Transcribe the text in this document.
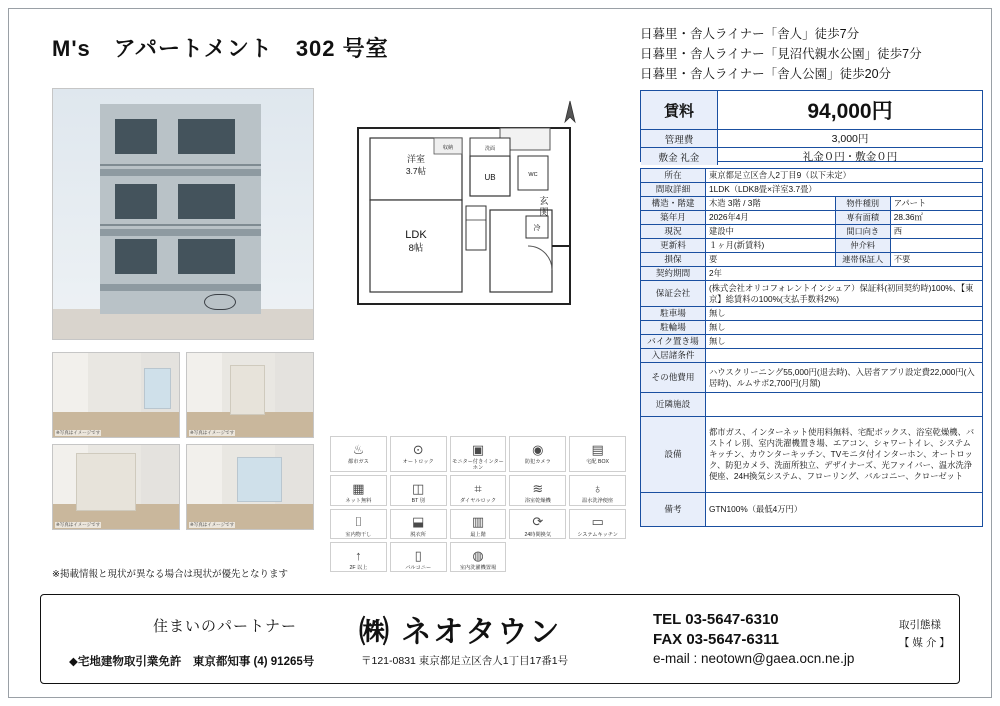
M's　アパートメント　302 号室
日暮里・舎人ライナー「舎人」徒歩7分
日暮里・舎人ライナー「見沼代親水公園」徒歩7分
日暮里・舎人ライナー「舎人公園」徒歩20分
賃料	94,000円
管理費	3,000円
敷金 礼金	礼金０円・敷金０円
所在	東京都足立区舎人2丁目9（以下未定）		
間取詳細	1LDK（LDK8畳×洋室3.7畳）		
構造・階建	木造 3階 / 3階	物件種別	アパート
築年月	2026年4月	専有面積	28.36㎡
現況	建設中	間口向き	西
更新料	１ヶ月(新賃料)	仲介料	
損保	要	連帯保証人	不要
契約期間	2年		
保証会社	(株式会社オリコフォレントインシュア）保証料(初回契約時)100%、【東京】総賃料の100%(支払手数料2%)		
駐車場	無し		
駐輪場	無し		
バイク置き場	無し		
入居諸条件			
その他費用	ハウスクリーニング55,000円(退去時)、入居者アプリ設定費22,000円(入居時)、ルムサポ2,700円(月額)		
近隣施設			
設備	都市ガス、インターネット使用料無料、宅配ボックス、浴室乾燥機、バストイレ別、室内洗濯機置き場、エアコン、シャワートイレ、システムキッチン、カウンターキッチン、TVモニタ付インターホン、オートロック、防犯カメラ、洗面所独立、デザイナーズ、光ファイバー、温水洗浄便座、24H換気システム、フローリング、バルコニー、クローゼット		
備考	GTN100%（最低4万円）		
※写真はイメージです	※写真はイメージです
※写真はイメージです	※写真はイメージです
洋室
3.7帖
LDK
8帖
UB
洗面
WC
収納
冷
玄
関
♨
都市ガス
⊙
オートロック
▣
モニター付きインターホン
◉
防犯カメラ
▤
宅配 BOX
▦
ネット無料
◫
BT 別
⌗
ダイヤルロック
≋
浴室乾燥機
♁
温水洗浄便座
⌷
室内物干し
⬓
脱衣所
▥
最上階
⟳
24時間換気
▭
システムキッチン
↑
2F 以上
▯
バルコニー
◍
室内洗濯機置場
※掲載情報と現状が異なる場合は現状が優先となります
住まいのパートナー ㈱ ネオタウン
◆宅地建物取引業免許　東京都知事 (4) 91265号	〒121-0831 東京都足立区舎人1丁目17番1号
TEL 03-5647-6310
FAX 03-5647-6311
e-mail : neotown@gaea.ocn.ne.jp
取引態様
【 媒 介 】
